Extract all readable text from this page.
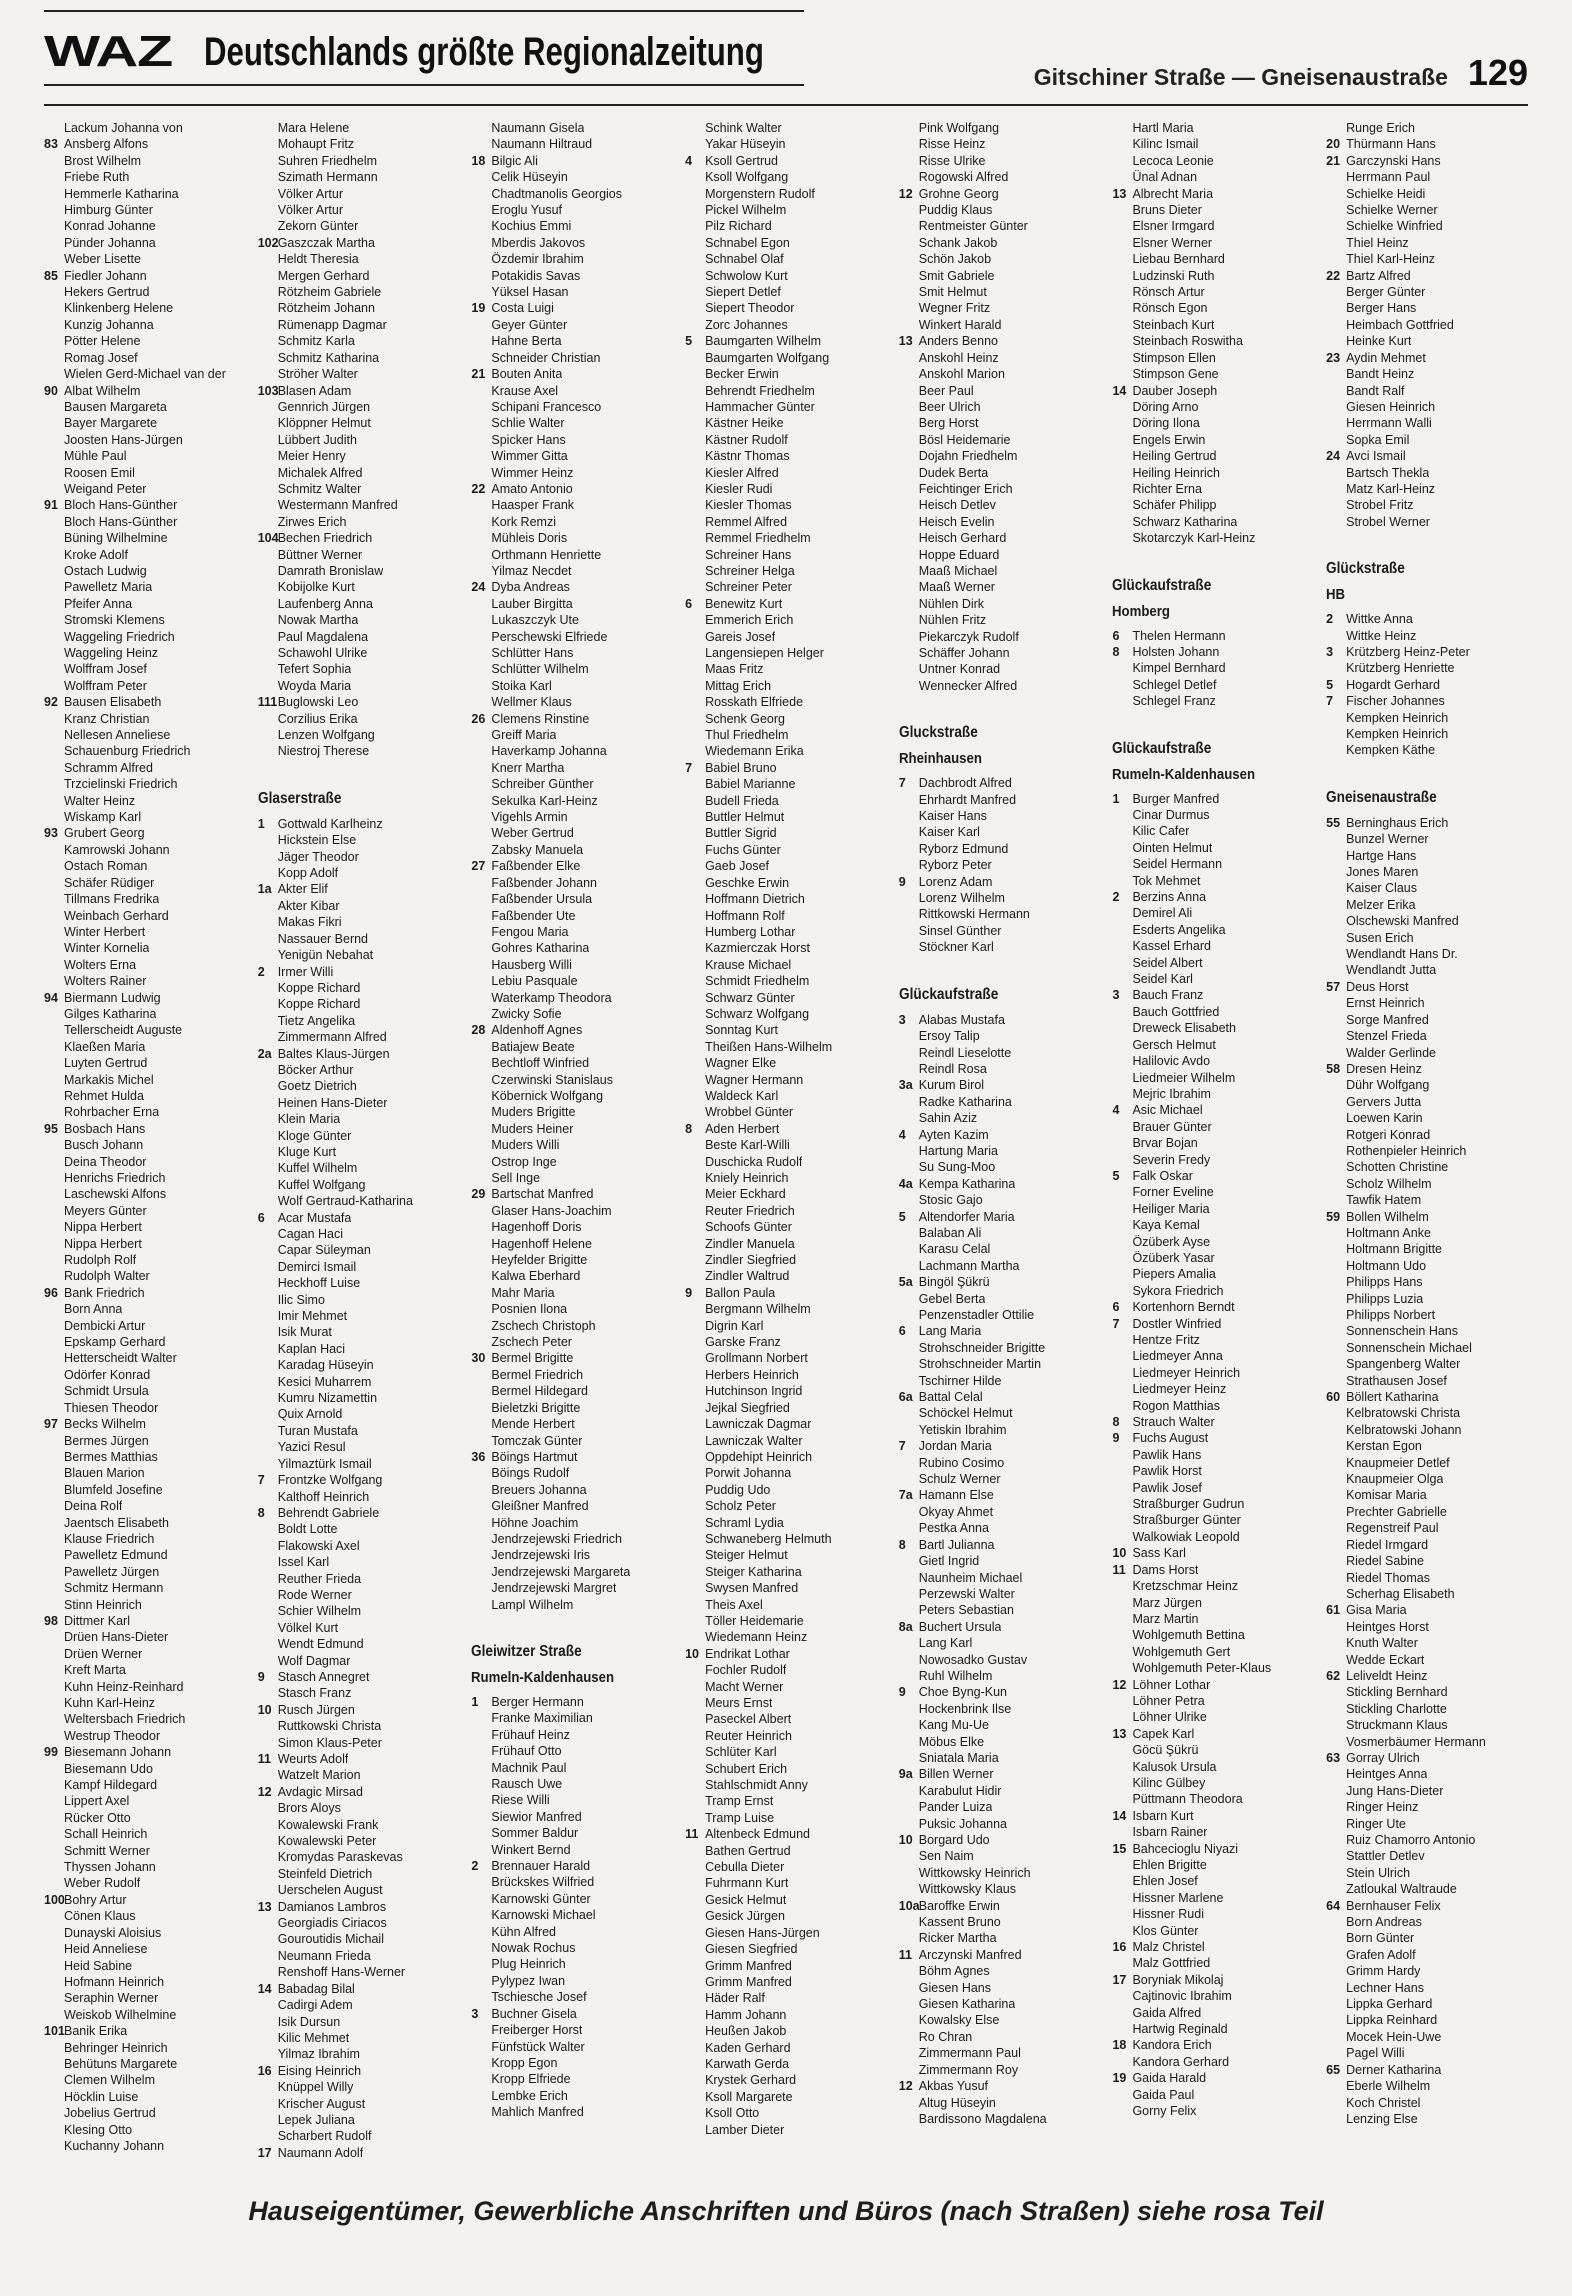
WAZ Deutschlands größte Regionalzeitung
Gitschiner Straße — Gneisenaustraße 129
Lackum Johanna von
83 Ansberg Alfons
Brost Wilhelm
Friebe Ruth
Hemmerle Katharina
Himburg Günter
Konrad Johanne
Pünder Johanna
Weber Lisette
85 Fiedler Johann
Hekers Gertrud
Klinkenberg Helene
Kunzig Johanna
Pötter Helene
Romag Josef
Wielen Gerd-Michael van der
90 Albat Wilhelm
Bausen Margareta
Bayer Margarete
Joosten Hans-Jürgen
Mühle Paul
Roosen Emil
Weigand Peter
91 Bloch Hans-Günther
Bloch Hans-Günther
Büning Wilhelmine
Kroke Adolf
Ostach Ludwig
Pawelletz Maria
Pfeifer Anna
Stromski Klemens
Waggeling Friedrich
Waggeling Heinz
Wolffram Josef
Wolffram Peter
92 Bausen Elisabeth
Kranz Christian
Nellesen Anneliese
Schauenburg Friedrich
Schramm Alfred
Trzcielinski Friedrich
Walter Heinz
Wiskamp Karl
93 Grubert Georg
Kamrowski Johann
Ostach Roman
Schäfer Rüdiger
Tillmans Fredrika
Weinbach Gerhard
Winter Herbert
Winter Kornelia
Wolters Erna
Wolters Rainer
94 Biermann Ludwig
Gilges Katharina
Tellerscheidt Auguste
Klaeßen Maria
Luyten Gertrud
Markakis Michel
Rehmet Hulda
Rohrbacher Erna
95 Bosbach Hans
Busch Johann
Deina Theodor
Henrichs Friedrich
Laschewski Alfons
Meyers Günter
Nippa Herbert
Nippa Herbert
Rudolph Rolf
Rudolph Walter
96 Bank Friedrich
Born Anna
Dembicki Artur
Epskamp Gerhard
Hetterscheidt Walter
Odörfer Konrad
Schmidt Ursula
Thiesen Theodor
97 Becks Wilhelm
Bermes Jürgen
Bermes Matthias
Blauen Marion
Blumfeld Josefine
Deina Rolf
Jaentsch Elisabeth
Klause Friedrich
Pawelletz Edmund
Pawelletz Jürgen
Schmitz Hermann
Stinn Heinrich
98 Dittmer Karl
Drüen Hans-Dieter
Drüen Werner
Kreft Marta
Kuhn Heinz-Reinhard
Kuhn Karl-Heinz
Weltersbach Friedrich
Westrup Theodor
99 Biesemann Johann
Biesemann Udo
Kampf Hildegard
Lippert Axel
Rücker Otto
Schall Heinrich
Schmitt Werner
Thyssen Johann
Weber Rudolf
100 Bohry Artur
Cönen Klaus
Dunayski Aloisius
Heid Anneliese
Heid Sabine
Hofmann Heinrich
Seraphin Werner
Weiskob Wilhelmine
101 Banik Erika
Behringer Heinrich
Behütuns Margarete
Clemen Wilhelm
Höcklin Luise
Jobelius Gertrud
Klesing Otto
Kuchanny Johann
Mara Helene
Mohaupt Fritz
Suhren Friedhelm
Szimath Hermann
Völker Artur
Völker Artur
Zekorn Günter
102 Gaszczak Martha
Heldt Theresia
Mergen Gerhard
Rötzheim Gabriele
Rötzheim Johann
Rümenapp Dagmar
Schmitz Karla
Schmitz Katharina
Ströher Walter
103 Blasen Adam
Gennrich Jürgen
Klöppner Helmut
Lübbert Judith
Meier Henry
Michalek Alfred
Schmitz Walter
Westermann Manfred
Zirwes Erich
104 Bechen Friedrich
Büttner Werner
Damrath Bronislaw
Kobijolke Kurt
Laufenberg Anna
Nowak Martha
Paul Magdalena
Schawohl Ulrike
Tefert Sophia
Woyda Maria
111 Buglowski Leo
Corzilius Erika
Lenzen Wolfgang
Niestroj Therese
Glaserstraße
1	Gottwald Karlheinz
Hickstein Else
Jäger Theodor
Kopp Adolf
1a Akter Elif
Akter Kibar
Makas Fikri
Nassauer Bernd
Yenigün Nebahat
2	Irmer Willi
Koppe Richard
Koppe Richard
Tietz Angelika
Zimmermann Alfred
2a Baltes Klaus-Jürgen
Böcker Arthur
Goetz Dietrich
Heinen Hans-Dieter
Klein Maria
Kloge Günter
Kluge Kurt
Kuffel Wilhelm
Kuffel Wolfgang
Wolf Gertraud-Katharina
6	Acar Mustafa
Cagan Haci
Capar Süleyman
Demirci Ismail
Heckhoff Luise
Ilic Simo
Imir Mehmet
Isik Murat
Kaplan Haci
Karadag Hüseyin
Kesici Muharrem
Kumru Nizamettin
Quix Arnold
Turan Mustafa
Yazici Resul
Yilmaztürk Ismail
7	Frontzke Wolfgang
Kalthoff Heinrich
8	Behrendt Gabriele
Boldt Lotte
Flakowski Axel
Issel Karl
Reuther Frieda
Rode Werner
Schier Wilhelm
Völkel Kurt
Wendt Edmund
Wolf Dagmar
9	Stasch Annegret
Stasch Franz
10 Rusch Jürgen
Ruttkowski Christa
Simon Klaus-Peter
11 Weurts Adolf
Watzelt Marion
12 Avdagic Mirsad
Brors Aloys
Kowalewski Frank
Kowalewski Peter
Kromydas Paraskevas
Steinfeld Dietrich
Uerschelen August
13 Damianos Lambros
Georgiadis Ciriacos
Gouroutidis Michail
Neumann Frieda
Renshoff Hans-Werner
14 Babadag Bilal
Cadirgi Adem
Isik Dursun
Kilic Mehmet
Yilmaz Ibrahim
16 Eising Heinrich
Knüppel Willy
Krischer August
Lepek Juliana
Scharbert Rudolf
17 Naumann Adolf
Naumann Gisela
Naumann Hiltraud
18 Bilgic Ali
Celik Hüseyin
Chadtmanolis Georgios
Eroglu Yusuf
Kochius Emmi
Mberdis Jakovos
Özdemir Ibrahim
Potakidis Savas
Yüksel Hasan
19 Costa Luigi
Geyer Günter
Hahne Berta
Schneider Christian
21 Bouten Anita
Krause Axel
Schipani Francesco
Schlie Walter
Spicker Hans
Wimmer Gitta
Wimmer Heinz
22 Amato Antonio
Haasper Frank
Kork Remzi
Mühleis Doris
Orthmann Henriette
Yilmaz Necdet
24 Dyba Andreas
Lauber Birgitta
Lukaszczyk Ute
Perschewski Elfriede
Schlütter Hans
Schlütter Wilhelm
Stoika Karl
Wellmer Klaus
26 Clemens Rinstine
Greiff Maria
Haverkamp Johanna
Knerr Martha
Schreiber Günther
Sekulka Karl-Heinz
Vigehls Armin
Weber Gertrud
Zabsky Manuela
27 Faßbender Elke
Faßbender Johann
Faßbender Ursula
Faßbender Ute
Fengou Maria
Gohres Katharina
Hausberg Willi
Lebiu Pasquale
Waterkamp Theodora
Zwicky Sofie
28 Aldenhoff Agnes
Batiajew Beate
Bechtloff Winfried
Czerwinski Stanislaus
Köbernick Wolfgang
Muders Brigitte
Muders Heiner
Muders Willi
Ostrop Inge
Sell Inge
29 Bartschat Manfred
Glaser Hans-Joachim
Hagenhoff Doris
Hagenhoff Helene
Heyfelder Brigitte
Kalwa Eberhard
Mahr Maria
Posnien Ilona
Zschech Christoph
Zschech Peter
30 Bermel Brigitte
Bermel Friedrich
Bermel Hildegard
Bieletzki Brigitte
Mende Herbert
Tomczak Günter
36 Böings Hartmut
Böings Rudolf
Breuers Johanna
Gleißner Manfred
Höhne Joachim
Jendrzejewski Friedrich
Jendrzejewski Iris
Jendrzejewski Margareta
Jendrzejewski Margret
Lampl Wilhelm
Gleiwitzer Straße
Rumeln-Kaldenhausen
1	Berger Hermann
Franke Maximilian
Frühauf Heinz
Frühauf Otto
Machnik Paul
Rausch Uwe
Riese Willi
Siewior Manfred
Sommer Baldur
Winkert Bernd
2	Brennauer Harald
Brückskes Wilfried
Karnowski Günter
Karnowski Michael
Kühn Alfred
Nowak Rochus
Plug Heinrich
Pylypez Iwan
Tschiesche Josef
3	Buchner Gisela
Freiberger Horst
Fünfstück Walter
Kropp Egon
Kropp Elfriede
Lembke Erich
Mahlich Manfred
Schink Walter
Yakar Hüseyin
4	Ksoll Gertrud
Ksoll Wolfgang
Morgenstern Rudolf
Pickel Wilhelm
Pilz Richard
Schnabel Egon
Schnabel Olaf
Schwolow Kurt
Siepert Detlef
Siepert Theodor
Zorc Johannes
5	Baumgarten Wilhelm
Baumgarten Wolfgang
Becker Erwin
Behrendt Friedhelm
Hammacher Günter
Kästner Heike
Kästner Rudolf
Kästnr Thomas
Kiesler Alfred
Kiesler Rudi
Kiesler Thomas
Remmel Alfred
Remmel Friedhelm
Schreiner Hans
Schreiner Helga
Schreiner Peter
6	Benewitz Kurt
Emmerich Erich
Gareis Josef
Langensiepen Helger
Maas Fritz
Mittag Erich
Rosskath Elfriede
Schenk Georg
Thul Friedhelm
Wiedemann Erika
7	Babiel Bruno
Babiel Marianne
Budell Frieda
Buttler Helmut
Buttler Sigrid
Fuchs Günter
Gaeb Josef
Geschke Erwin
Hoffmann Dietrich
Hoffmann Rolf
Humberg Lothar
Kazmierczak Horst
Krause Michael
Schmidt Friedhelm
Schwarz Günter
Schwarz Wolfgang
Sonntag Kurt
Theißen Hans-Wilhelm
Wagner Elke
Wagner Hermann
Waldeck Karl
Wrobbel Günter
8	Aden Herbert
Beste Karl-Willi
Duschicka Rudolf
Kniely Heinrich
Meier Eckhard
Reuter Friedrich
Schoofs Günter
Zindler Manuela
Zindler Siegfried
Zindler Waltrud
9	Ballon Paula
Bergmann Wilhelm
Digrin Karl
Garske Franz
Grollmann Norbert
Herbers Heinrich
Hutchinson Ingrid
Jejkal Siegfried
Lawniczak Dagmar
Lawniczak Walter
Oppdehipt Heinrich
Porwit Johanna
Puddig Udo
Scholz Peter
Schraml Lydia
Schwaneberg Helmuth
Steiger Helmut
Steiger Katharina
Swysen Manfred
Theis Axel
Töller Heidemarie
Wiedemann Heinz
10 Endrikat Lothar
Fochler Rudolf
Macht Werner
Meurs Ernst
Paseckel Albert
Reuter Heinrich
Schlüter Karl
Schubert Erich
Stahlschmidt Anny
Tramp Ernst
Tramp Luise
11 Altenbeck Edmund
Bathen Gertrud
Cebulla Dieter
Fuhrmann Kurt
Gesick Helmut
Gesick Jürgen
Giesen Hans-Jürgen
Giesen Siegfried
Grimm Manfred
Grimm Manfred
Häder Ralf
Hamm Johann
Heußen Jakob
Kaden Gerhard
Karwath Gerda
Krystek Gerhard
Ksoll Margarete
Ksoll Otto
Lamber Dieter
Pink Wolfgang
Risse Heinz
Risse Ulrike
Rogowski Alfred
12 Grohne Georg
Puddig Klaus
Rentmeister Günter
Schank Jakob
Schön Jakob
Smit Gabriele
Smit Helmut
Wegner Fritz
Winkert Harald
13 Anders Benno
Anskohl Heinz
Anskohl Marion
Beer Paul
Beer Ulrich
Berg Horst
Bösl Heidemarie
Dojahn Friedhelm
Dudek Berta
Feichtinger Erich
Heisch Detlev
Heisch Evelin
Heisch Gerhard
Hoppe Eduard
Maaß Michael
Maaß Werner
Nühlen Dirk
Nühlen Fritz
Piekarczyk Rudolf
Schäffer Johann
Untner Konrad
Wennecker Alfred
Gluckstraße
Rheinhausen
7	Dachbrodt Alfred
Ehrhardt Manfred
Kaiser Hans
Kaiser Karl
Ryborz Edmund
Ryborz Peter
9	Lorenz Adam
Lorenz Wilhelm
Rittkowski Hermann
Sinsel Günther
Stöckner Karl
Glückaufstraße
3	Alabas Mustafa
Ersoy Talip
Reindl Lieselotte
Reindl Rosa
3a Kurum Birol
Radke Katharina
Sahin Aziz
4	Ayten Kazim
Hartung Maria
Su Sung-Moo
4a Kempa Katharina
Stosic Gajo
5	Altendorfer Maria
Balaban Ali
Karasu Celal
Lachmann Martha
5a Bingöl Şükrü
Gebel Berta
Penzenstadler Ottilie
6	Lang Maria
Strohschneider Brigitte
Strohschneider Martin
Tschirner Hilde
6a Battal Celal
Schöckel Helmut
Yetiskin Ibrahim
7	Jordan Maria
Rubino Cosimo
Schulz Werner
7a Hamann Else
Okyay Ahmet
Pestka Anna
8	Bartl Julianna
Gietl Ingrid
Naunheim Michael
Perzewski Walter
Peters Sebastian
8a Buchert Ursula
Lang Karl
Nowosadko Gustav
Ruhl Wilhelm
9	Choe Byng-Kun
Hockenbrink Ilse
Kang Mu-Ue
Möbus Elke
Sniatala Maria
9a Billen Werner
Karabulut Hidir
Pander Luiza
Puksic Johanna
10 Borgard Udo
Sen Naim
Wittkowsky Heinrich
Wittkowsky Klaus
10a Baroffke Erwin
Kassent Bruno
Ricker Martha
11 Arczynski Manfred
Böhm Agnes
Giesen Hans
Giesen Katharina
Kowalsky Else
Ro Chran
Zimmermann Paul
Zimmermann Roy
12 Akbas Yusuf
Altug Hüseyin
Bardissono Magdalena
Hartl Maria
Kilinc Ismail
Lecoca Leonie
Ünal Adnan
13 Albrecht Maria
Bruns Dieter
Elsner Irmgard
Elsner Werner
Liebau Bernhard
Ludzinski Ruth
Rönsch Artur
Rönsch Egon
Steinbach Kurt
Steinbach Roswitha
Stimpson Ellen
Stimpson Gene
14 Dauber Joseph
Döring Arno
Döring Ilona
Engels Erwin
Heiling Gertrud
Heiling Heinrich
Richter Erna
Schäfer Philipp
Schwarz Katharina
Skotarczyk Karl-Heinz
Glückaufstraße
Homberg
6	Thelen Hermann
8	Holsten Johann
Kimpel Bernhard
Schlegel Detlef
Schlegel Franz
Glückaufstraße
Rumeln-Kaldenhausen
1	Burger Manfred
Cinar Durmus
Kilic Cafer
Ointen Helmut
Seidel Hermann
Tok Mehmet
2	Berzins Anna
Demirel Ali
Esderts Angelika
Kassel Erhard
Seidel Albert
Seidel Karl
3	Bauch Franz
Bauch Gottfried
Dreweck Elisabeth
Gersch Helmut
Halilovic Avdo
Liedmeier Wilhelm
Mejric Ibrahim
4	Asic Michael
Brauer Günter
Brvar Bojan
Severin Fredy
5	Falk Oskar
Forner Eveline
Heiliger Maria
Kaya Kemal
Özüberk Ayse
Özüberk Yasar
Piepers Amalia
Sykora Friedrich
6	Kortenhorn Berndt
7	Dostler Winfried
Hentze Fritz
Liedmeyer Anna
Liedmeyer Heinrich
Liedmeyer Heinz
Rogon Matthias
8	Strauch Walter
9	Fuchs August
Pawlik Hans
Pawlik Horst
Pawlik Josef
Straßburger Gudrun
Straßburger Günter
Walkowiak Leopold
10 Sass Karl
11 Dams Horst
Kretzschmar Heinz
Marz Jürgen
Marz Martin
Wohlgemuth Bettina
Wohlgemuth Gert
Wohlgemuth Peter-Klaus
12 Löhner Lothar
Löhner Petra
Löhner Ulrike
13 Capek Karl
Göcü Şükrü
Kalusok Ursula
Kilinc Gülbey
Püttmann Theodora
14 Isbarn Kurt
Isbarn Rainer
15 Bahcecioglu Niyazi
Ehlen Brigitte
Ehlen Josef
Hissner Marlene
Hissner Rudi
Klos Günter
16 Malz Christel
Malz Gottfried
17 Boryniak Mikolaj
Cajtinovic Ibrahim
Gaida Alfred
Hartwig Reginald
18 Kandora Erich
Kandora Gerhard
19 Gaida Harald
Gaida Paul
Gorny Felix
Runge Erich
20 Thürmann Hans
21 Garczynski Hans
Herrmann Paul
Schielke Heidi
Schielke Werner
Schielke Winfried
Thiel Heinz
Thiel Karl-Heinz
22 Bartz Alfred
Berger Günter
Berger Hans
Heimbach Gottfried
Heinke Kurt
23 Aydin Mehmet
Bandt Heinz
Bandt Ralf
Giesen Heinrich
Herrmann Walli
Sopka Emil
24 Avci Ismail
Bartsch Thekla
Matz Karl-Heinz
Strobel Fritz
Strobel Werner
Glückstraße
HB
2	Wittke Anna
Wittke Heinz
3	Krützberg Heinz-Peter
Krützberg Henriette
5	Hogardt Gerhard
7	Fischer Johannes
Kempken Heinrich
Kempken Heinrich
Kempken Käthe
Gneisenaustraße
55 Berninghaus Erich
Bunzel Werner
Hartge Hans
Jones Maren
Kaiser Claus
Melzer Erika
Olschewski Manfred
Susen Erich
Wendlandt Hans Dr.
Wendlandt Jutta
57 Deus Horst
Ernst Heinrich
Sorge Manfred
Stenzel Frieda
Walder Gerlinde
58 Dresen Heinz
Dühr Wolfgang
Gervers Jutta
Loewen Karin
Rotgeri Konrad
Rothenpieler Heinrich
Schotten Christine
Scholz Wilhelm
Tawfik Hatem
59 Bollen Wilhelm
Holtmann Anke
Holtmann Brigitte
Holtmann Udo
Philipps Hans
Philipps Luzia
Philipps Norbert
Sonnenschein Hans
Sonnenschein Michael
Spangenberg Walter
Strathausen Josef
60 Böllert Katharina
Kelbratowski Christa
Kelbratowski Johann
Kerstan Egon
Knaupmeier Detlef
Knaupmeier Olga
Komisar Maria
Prechter Gabrielle
Regenstreif Paul
Riedel Irmgard
Riedel Sabine
Riedel Thomas
Scherhag Elisabeth
61 Gisa Maria
Heintges Horst
Knuth Walter
Wedde Eckart
62 Leliveldt Heinz
Stickling Bernhard
Stickling Charlotte
Struckmann Klaus
Vosmerbäumer Hermann
63 Gorray Ulrich
Heintges Anna
Jung Hans-Dieter
Ringer Heinz
Ringer Ute
Ruiz Chamorro Antonio
Stattler Detlev
Stein Ulrich
Zatloukal Waltraude
64 Bernhauser Felix
Born Andreas
Born Günter
Grafen Adolf
Grimm Hardy
Lechner Hans
Lippka Gerhard
Lippka Reinhard
Mocek Hein-Uwe
Pagel Willi
65 Derner Katharina
Eberle Wilhelm
Koch Christel
Lenzing Else
Hauseigentümer, Gewerbliche Anschriften und Büros (nach Straßen) siehe rosa Teil
